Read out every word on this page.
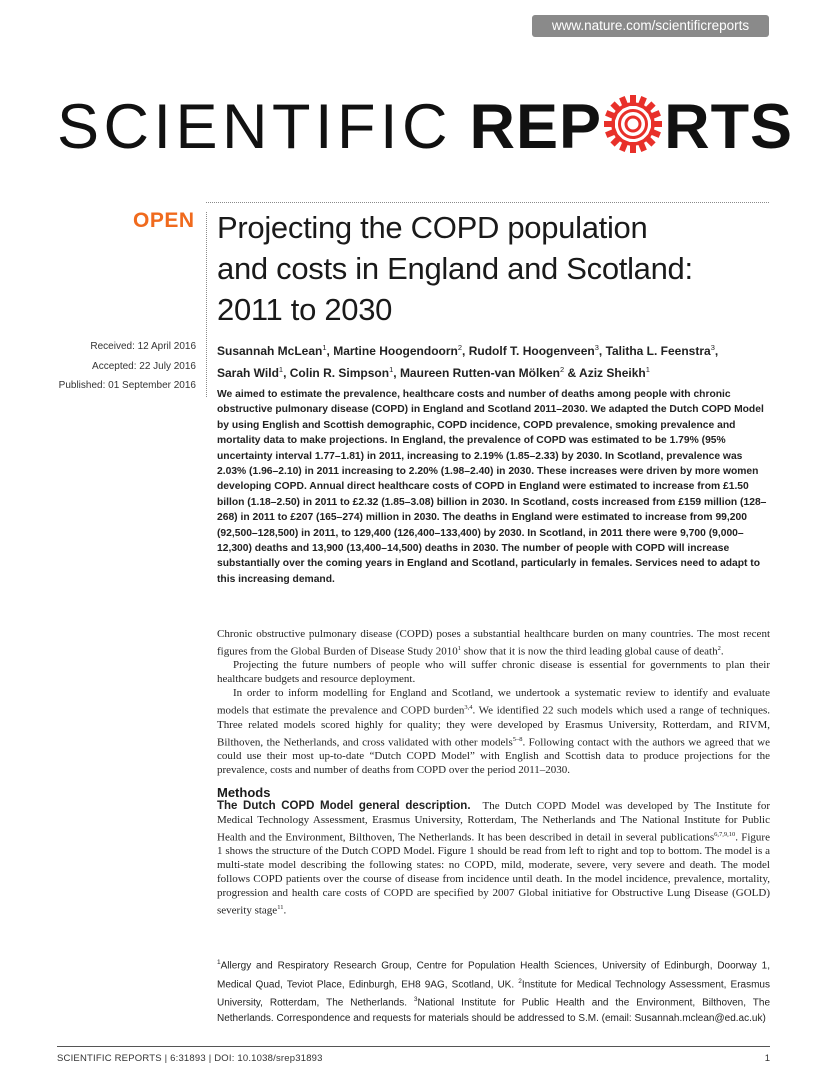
www.nature.com/scientificreports
SCIENTIFIC REP RTS
OPEN Projecting the COPD population
and costs in England and Scotland:
2011 to 2030
Received: 12 April 2016
Accepted: 22 July 2016
Published: 01 September 2016
Susannah McLean$^1$, Martine Hoogendoorn$^2$, Rudolf T. Hoogenveen$^3$, Talitha L. Feenstra$^3$,
Sarah Wild$^1$, Colin R. Simpson$^1$, Maureen Rutten-van Mölken$^2$ & Aziz Sheikh$^1$

We aimed to estimate the prevalence, healthcare costs and number of deaths among people with chronic obstructive pulmonary disease (COPD) in England and Scotland 2011–2030. We adapted the Dutch COPD Model by using English and Scottish demographic, COPD incidence, COPD prevalence, smoking prevalence and mortality data to make projections. In England, the prevalence of COPD was estimated to be 1.79% (95% uncertainty interval 1.77–1.81) in 2011, increasing to 2.19% (1.85–2.33) by 2030. In Scotland, prevalence was 2.03% (1.96–2.10) in 2011 increasing to 2.20% (1.98–2.40) in 2030. These increases were driven by more women developing COPD. Annual direct healthcare costs of COPD in England were estimated to increase from £1.50 billon (1.18–2.50) in 2011 to £2.32 (1.85–3.08) billion in 2030. In Scotland, costs increased from £159 million (128–268) in 2011 to £207 (165–274) million in 2030. The deaths in England were estimated to increase from 99,200 (92,500–128,500) in 2011, to 129,400 (126,400–133,400) by 2030. In Scotland, in 2011 there were 9,700 (9,000–12,300) deaths and 13,900 (13,400–14,500) deaths in 2030. The number of people with COPD will increase substantially over the coming years in England and Scotland, particularly in females. Services need to adapt to this increasing demand.

Chronic obstructive pulmonary disease (COPD) poses a substantial healthcare burden on many countries. The most recent figures from the Global Burden of Disease Study 2010$^1$ show that it is now the third leading global cause of death$^2$.

Projecting the future numbers of people who will suffer chronic disease is essential for governments to plan their healthcare budgets and resource deployment.

In order to inform modelling for England and Scotland, we undertook a systematic review to identify and evaluate models that estimate the prevalence and COPD burden$^{3,4}$. We identified 22 such models which used a range of techniques. Three related models scored highly for quality; they were developed by Erasmus University, Rotterdam, and RIVM, Bilthoven, the Netherlands, and cross validated with other models$^{5-8}$. Following contact with the authors we agreed that we could use their most up-to-date “Dutch COPD Model” with English and Scottish data to produce projections for the prevalence, costs and number of deaths from COPD over the period 2011–2030.

Methods

The Dutch COPD Model general description. The Dutch COPD Model was developed by The Institute for Medical Technology Assessment, Erasmus University, Rotterdam, The Netherlands and The National Institute for Public Health and the Environment, Bilthoven, The Netherlands. It has been described in detail in several publications$^{6,7,9,10}$. Figure 1 shows the structure of the Dutch COPD Model. Figure 1 should be read from left to right and top to bottom. The model is a multi-state model describing the following states: no COPD, mild, moderate, severe, very severe and death. The model follows COPD patients over the course of disease from incidence until death. In the model incidence, prevalence, mortality, progression and health care costs of COPD are specified by 2007 Global initiative for Obstructive Lung Disease (GOLD) severity stage$^{11}$.

$^1$Allergy and Respiratory Research Group, Centre for Population Health Sciences, University of Edinburgh, Doorway 1, Medical Quad, Teviot Place, Edinburgh, EH8 9AG, Scotland, UK. $^2$Institute for Medical Technology Assessment, Erasmus University, Rotterdam, The Netherlands. $^3$National Institute for Public Health and the Environment, Bilthoven, The Netherlands. Correspondence and requests for materials should be addressed to S.M. (email: Susannah.mclean@ed.ac.uk)
SCIENTIFIC REPORTS | 6:31893 | DOI: 10.1038/srep31893	1
